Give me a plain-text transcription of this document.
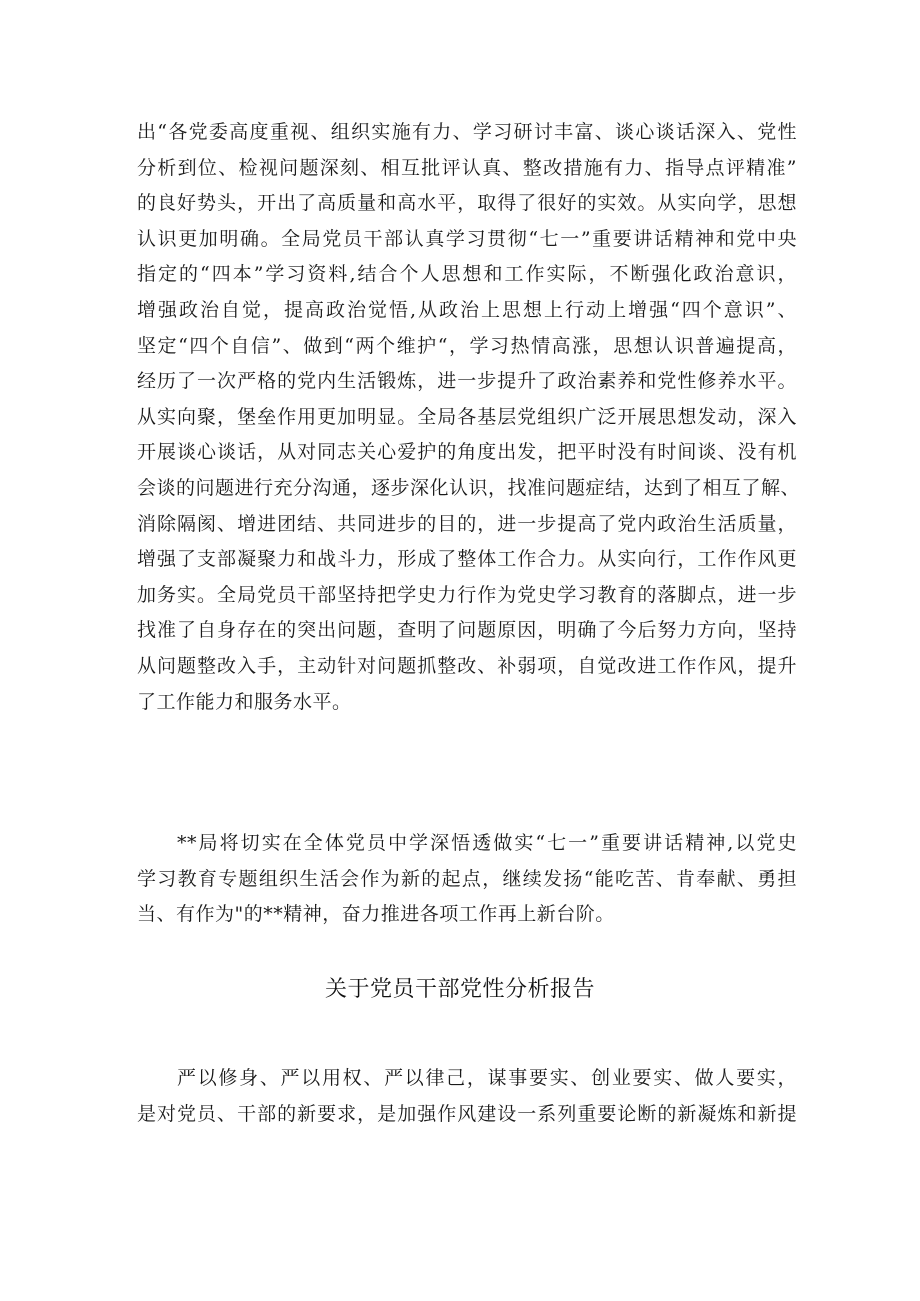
出“各党委高度重视、组织实施有力、学习研讨丰富、谈心谈话深入、党性
分析到位、检视问题深刻、相互批评认真、整改措施有力、指导点评精准”
的良好势头，开出了高质量和高水平，取得了很好的实效。从实向学，思想
认识更加明确。全局党员干部认真学习贯彻“七一”重要讲话精神和党中央
指定的“四本”学习资料,结合个人思想和工作实际，不断强化政治意识，
增强政治自觉，提高政治觉悟,从政治上思想上行动上增强“四个意识”、
坚定“四个自信”、做到“两个维护“，学习热情高涨，思想认识普遍提高，
经历了一次严格的党内生活锻炼，进一步提升了政治素养和党性修养水平。
从实向聚，堡垒作用更加明显。全局各基层党组织广泛开展思想发动，深入
开展谈心谈话，从对同志关心爱护的角度出发，把平时没有时间谈、没有机
会谈的问题进行充分沟通，逐步深化认识，找准问题症结，达到了相互了解、
消除隔阂、增进团结、共同进步的目的，进一步提高了党内政治生活质量，
增强了支部凝聚力和战斗力，形成了整体工作合力。从实向行，工作作风更
加务实。全局党员干部坚持把学史力行作为党史学习教育的落脚点，进一步
找准了自身存在的突出问题，查明了问题原因，明确了今后努力方向，坚持
从问题整改入手，主动针对问题抓整改、补弱项，自觉改进工作作风，提升
了工作能力和服务水平。
**局将切实在全体党员中学深悟透做实“七一”重要讲话精神,以党史
学习教育专题组织生活会作为新的起点，继续发扬“能吃苦、肯奉献、勇担
当、有作为"的**精神，奋力推进各项工作再上新台阶。
关于党员干部党性分析报告
严以修身、严以用权、严以律己，谋事要实、创业要实、做人要实，
是对党员、干部的新要求，是加强作风建设一系列重要论断的新凝炼和新提
